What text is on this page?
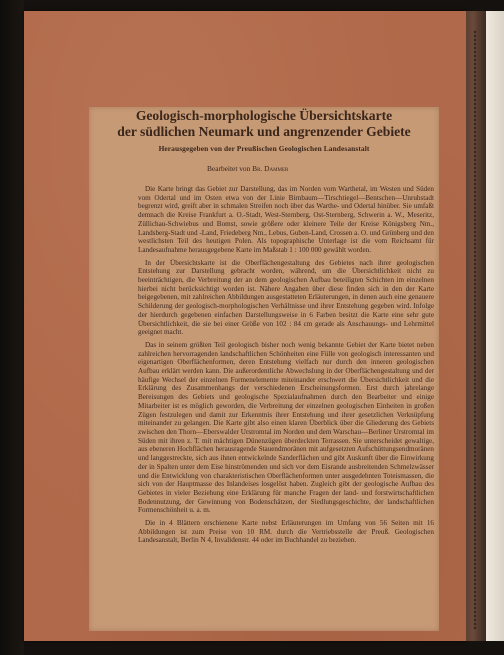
Geologisch-morphologische Übersichtskarte
der südlichen Neumark und angrenzender Gebiete
Herausgegeben von der Preußischen Geologischen Landesanstalt
Bearbeitet von Br. Dammer

Die Karte bringt das Gebiet zur Darstellung, das im Norden vom Warthetal, im Westen und Süden vom Odertal und im Osten etwa von der Linie Birnbaum—Tirschtiegel—Bentschen—Unruhstadt begrenzt wird, greift aber in schmalen Streifen noch über das Warthe- und Odertal hinüber. Sie umfaßt demnach die Kreise Frankfurt a. O.-Stadt, West-Sternberg, Ost-Sternberg, Schwerin a. W., Meseritz, Züllichau-Schwiebus und Bomst, sowie größere oder kleinere Teile der Kreise Königsberg Nm., Landsberg-Stadt und -Land, Friedeberg Nm., Lebus, Guben-Land, Crossen a. O. und Grünberg und den westlichsten Teil des heutigen Polen. Als topographische Unterlage ist die vom Reichsamt für Landesaufnahme herausgegebene Karte im Maßstab 1 : 100 000 gewählt worden.

In der Übersichtskarte ist die Oberflächengestaltung des Gebietes nach ihrer geologischen Entstehung zur Darstellung gebracht worden, während, um die Übersichtlichkeit nicht zu beeinträchtigen, die Verbreitung der an dem geologischen Aufbau beteiligten Schichten im einzelnen hierbei nicht berücksichtigt worden ist. Nähere Angaben über diese finden sich in den der Karte beigegebenen, mit zahlreichen Abbildungen ausgestatteten Erläuterungen, in denen auch eine genauere Schilderung der geologisch-morphologischen Verhältnisse und ihrer Entstehung gegeben wird. Infolge der hierdurch gegebenen einfachen Darstellungsweise in 6 Farben besitzt die Karte eine sehr gute Übersichtlichkeit, die sie bei einer Größe von 102 : 84 cm gerade als Anschauungs- und Lehrmittel geeignet macht.

Das in seinem größten Teil geologisch bisher noch wenig bekannte Gebiet der Karte bietet neben zahlreichen hervorragenden landschaftlichen Schönheiten eine Fülle von geologisch interessanten und eigenartigen Oberflächenformen, deren Entstehung vielfach nur durch den inneren geologischen Aufbau erklärt werden kann. Die außerordentliche Abwechslung in der Oberflächengestaltung und der häufige Wechsel der einzelnen Formenelemente miteinander erschwert die Übersichtlichkeit und die Erklärung des Zusammenhangs der verschiedenen Erscheinungsformen. Erst durch jahrelange Bereisungen des Gebiets und geologische Spezialaufnahmen durch den Bearbeiter und einige Mitarbeiter ist es möglich geworden, die Verbreitung der einzelnen geologischen Einheiten in großen Zügen festzulegen und damit zur Erkenntnis ihrer Entstehung und ihrer gesetzlichen Verknüpfung miteinander zu gelangen. Die Karte gibt also einen klaren Überblick über die Gliederung des Gebiets zwischen den Thorn—Eberswalder Urstromtal im Norden und dem Warschau—Berliner Urstromtal im Süden mit ihren z. T. mit mächtigen Dünenzügen überdeckten Terrassen. Sie unterscheidet gewaltige, aus ebeneren Hochflächen herausragende Stauendmoränen mit aufgesetzten Aufschüttungsendmoränen und langgestreckte, sich aus ihnen entwickelnde Sanderflächen und gibt Auskunft über die Einwirkung der in Spalten unter dem Eise hinströmenden und sich vor dem Eisrande ausbreitenden Schmelzwässer und die Entwicklung von charakteristischen Oberflächenformen unter ausgedehnten Toteismassen, die sich von der Hauptmasse des Inlandeises losgelöst haben. Zugleich gibt der geologische Aufbau des Gebietes in vieler Beziehung eine Erklärung für manche Fragen der land- und forstwirtschaftlichen Bodennutzung, der Gewinnung von Bodenschätzen, der Siedlungsgeschichte, der landschaftlichen Formenschönheit u. a. m.

Die in 4 Blättern erschienene Karte nebst Erläuterungen im Umfang von 56 Seiten mit 16 Abbildungen ist zum Preise von 10 RM. durch die Vertriebsstelle der Preuß. Geologischen Landesanstalt, Berlin N 4, Invalidenstr. 44 oder im Buchhandel zu beziehen.
